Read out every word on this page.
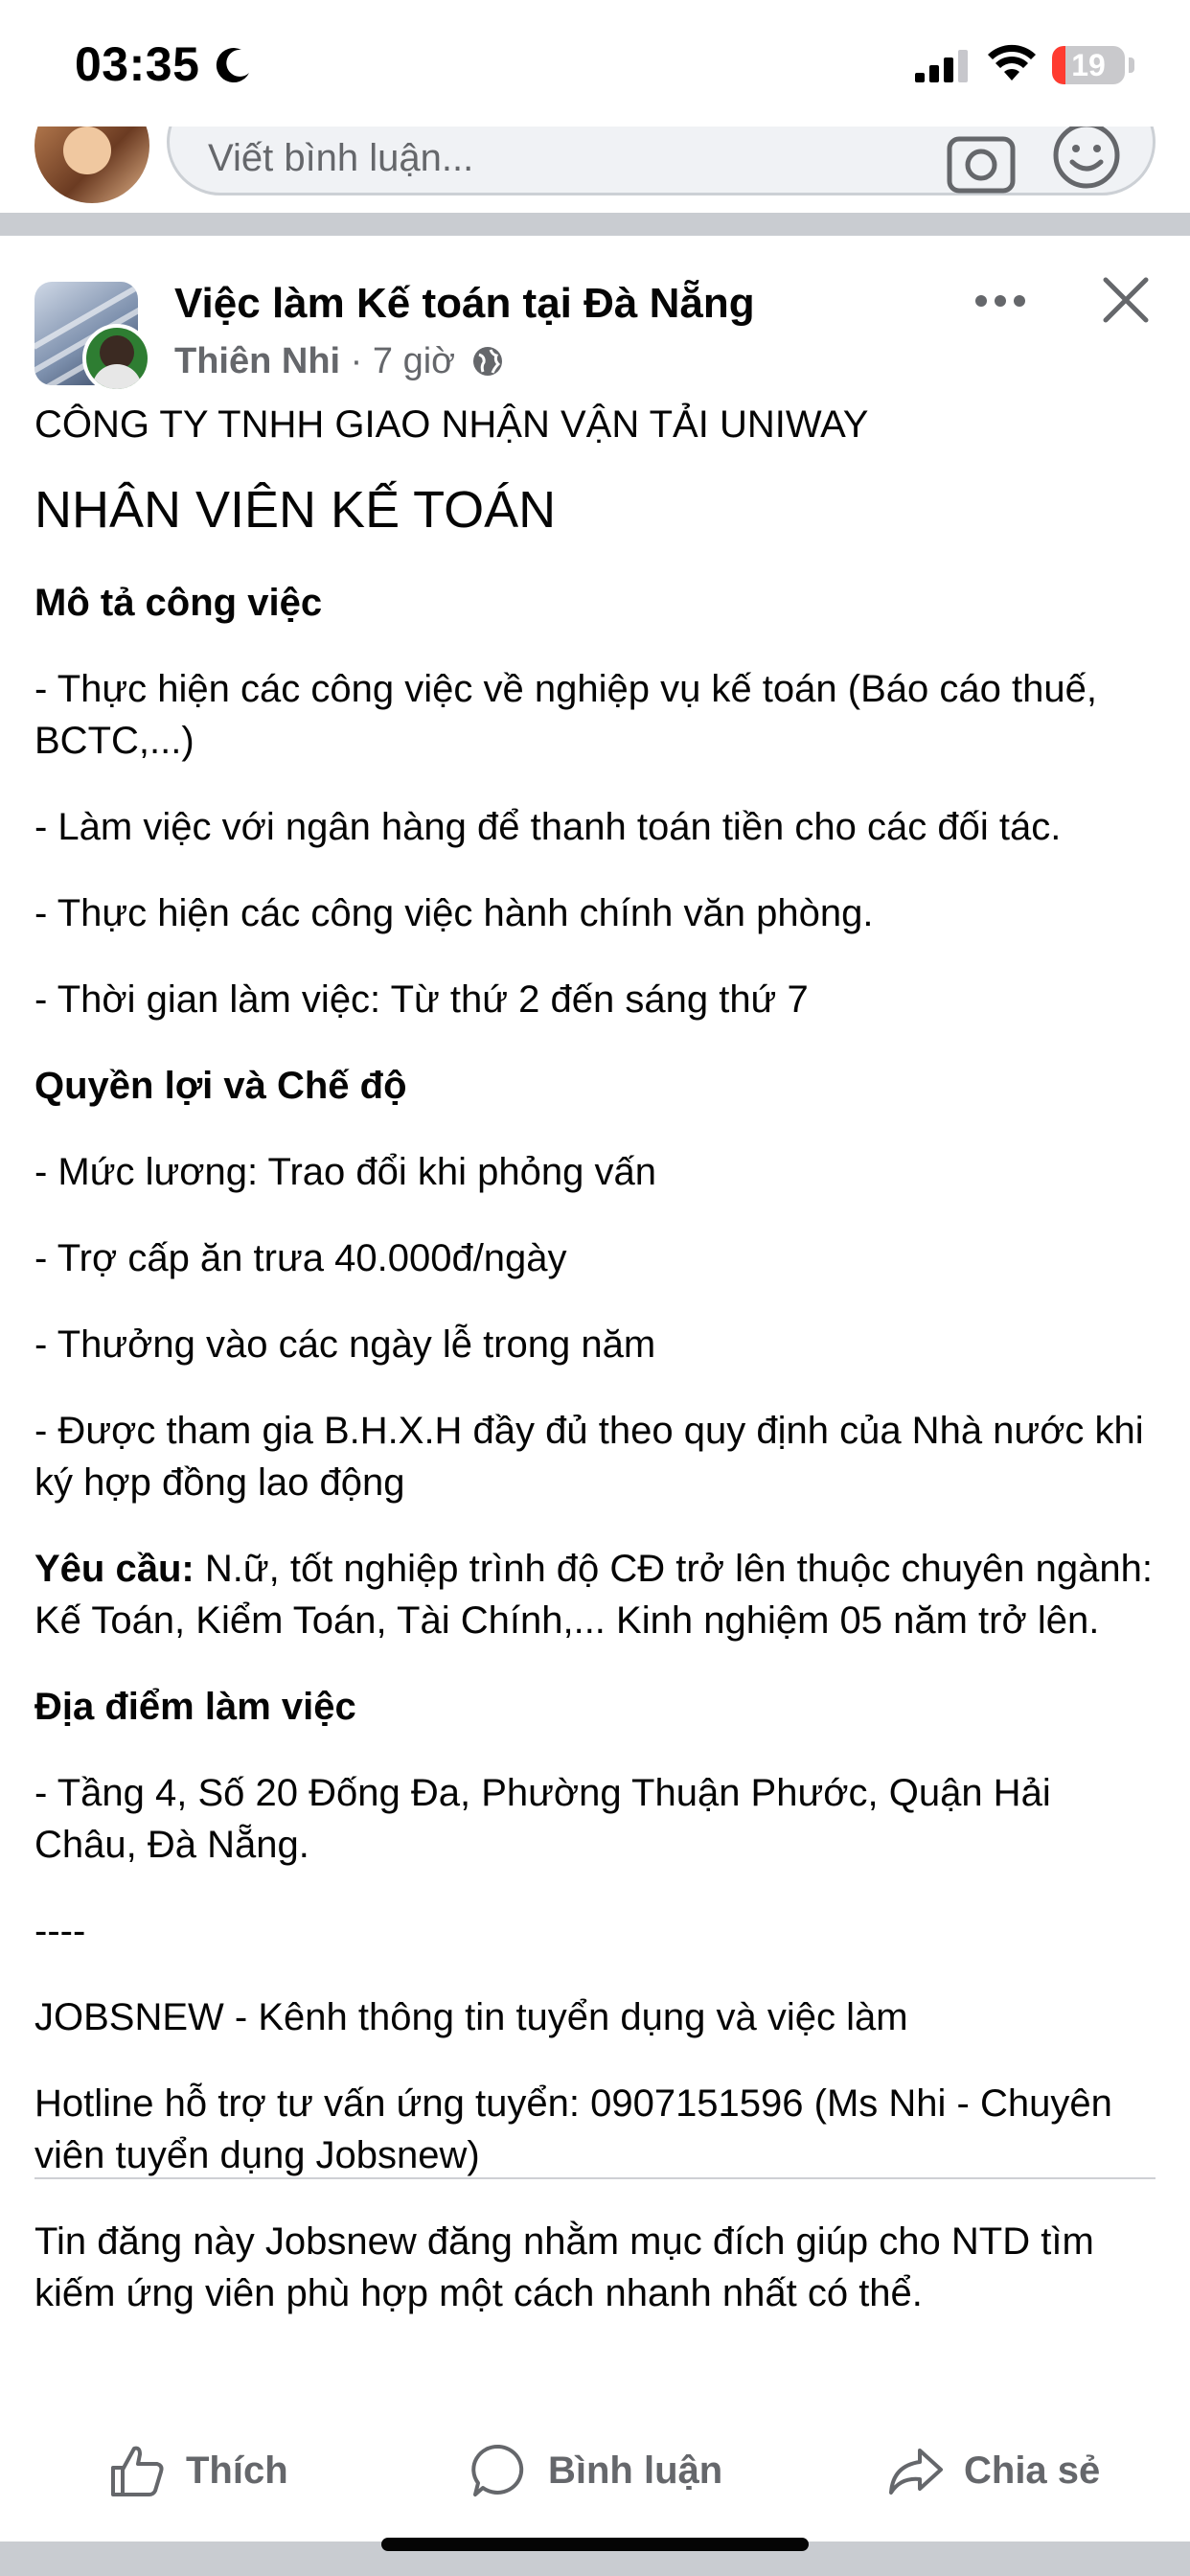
03:35	19
Viết bình luận...
Việc làm Kế toán tại Đà Nẵng
Thiên Nhi · 7 giờ

CÔNG TY TNHH GIAO NHẬN VẬN TẢI UNIWAY

NHÂN VIÊN KẾ TOÁN

Mô tả công việc

- Thực hiện các công việc về nghiệp vụ kế toán (Báo cáo thuế, BCTC,...)

- Làm việc với ngân hàng để thanh toán tiền cho các đối tác.

- Thực hiện các công việc hành chính văn phòng.

- Thời gian làm việc: Từ thứ 2 đến sáng thứ 7

Quyền lợi và Chế độ

- Mức lương: Trao đổi khi phỏng vấn

- Trợ cấp ăn trưa 40.000đ/ngày

- Thưởng vào các ngày lễ trong năm

- Được tham gia B.H.X.H đầy đủ theo quy định của Nhà nước khi ký hợp đồng lao động

Yêu cầu: N.ữ, tốt nghiệp trình độ CĐ trở lên thuộc chuyên ngành: Kế Toán, Kiểm Toán, Tài Chính,... Kinh nghiệm 05 năm trở lên.

Địa điểm làm việc

- Tầng 4, Số 20 Đống Đa, Phường Thuận Phước, Quận Hải Châu, Đà Nẵng.

----

JOBSNEW - Kênh thông tin tuyển dụng và việc làm

Hotline hỗ trợ tư vấn ứng tuyển: 0907151596 (Ms Nhi - Chuyên viên tuyển dụng Jobsnew)

Tin đăng này Jobsnew đăng nhằm mục đích giúp cho NTD tìm kiếm ứng viên phù hợp một cách nhanh nhất có thể.

Thích	Bình luận	Chia sẻ
